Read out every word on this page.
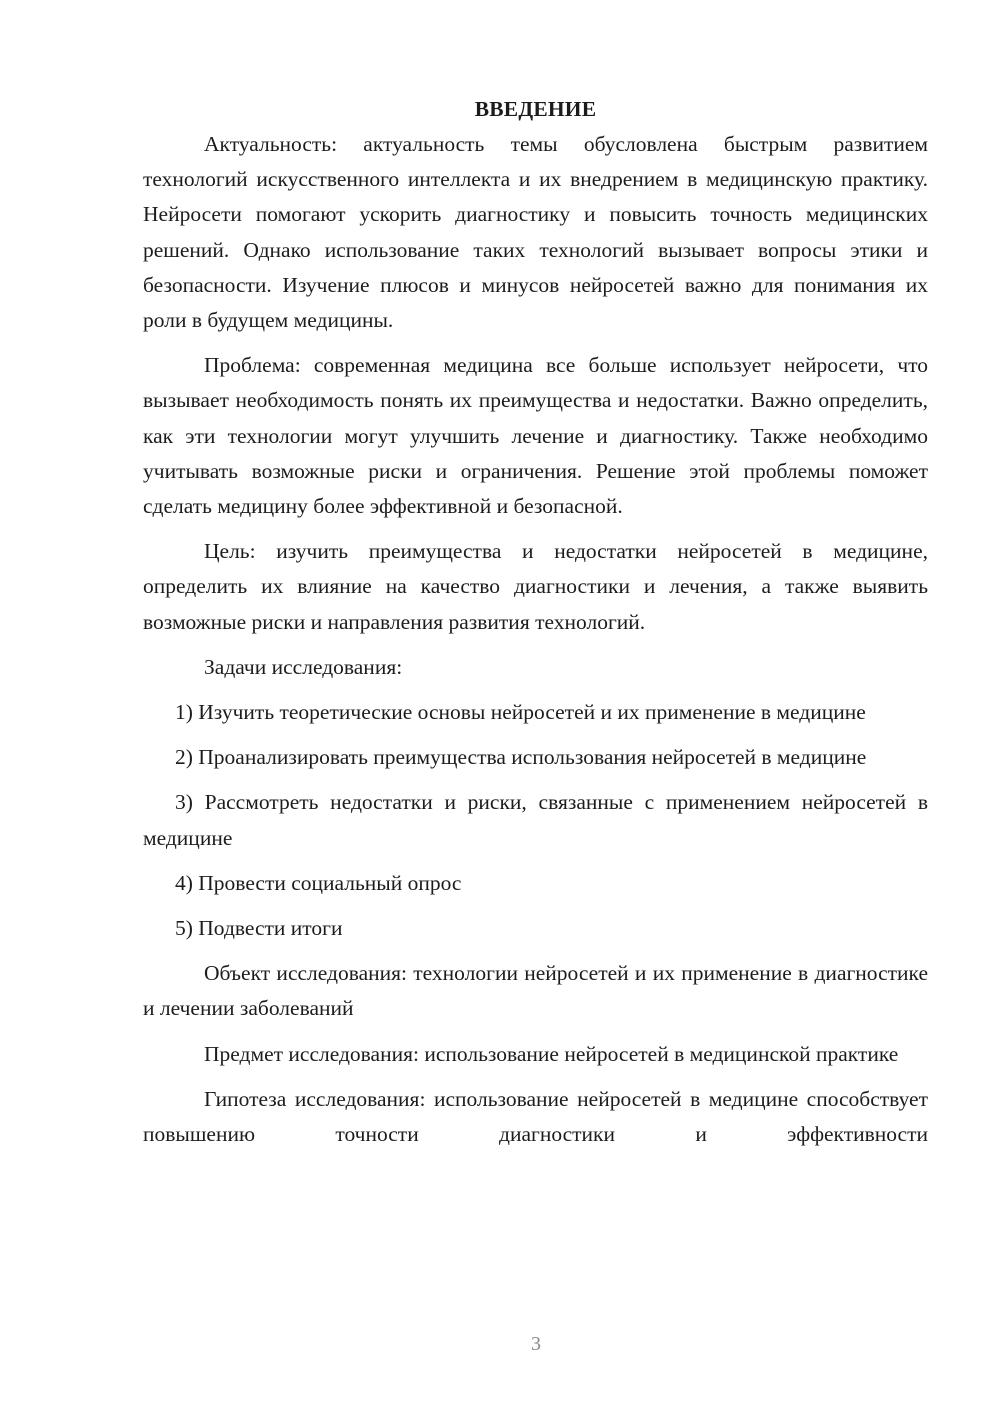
ВВЕДЕНИЕ

Актуальность: актуальность темы обусловлена быстрым развитием технологий искусственного интеллекта и их внедрением в медицинскую практику. Нейросети помогают ускорить диагностику и повысить точность медицинских решений. Однако использование таких технологий вызывает вопросы этики и безопасности. Изучение плюсов и минусов нейросетей важно для понимания их роли в будущем медицины.

Проблема: современная медицина все больше использует нейросети, что вызывает необходимость понять их преимущества и недостатки. Важно определить, как эти технологии могут улучшить лечение и диагностику. Также необходимо учитывать возможные риски и ограничения. Решение этой проблемы поможет сделать медицину более эффективной и безопасной.

Цель: изучить преимущества и недостатки нейросетей в медицине, определить их влияние на качество диагностики и лечения, а также выявить возможные риски и направления развития технологий.

Задачи исследования:

1) Изучить теоретические основы нейросетей и их применение в медицине

2) Проанализировать преимущества использования нейросетей в медицине

3) Рассмотреть недостатки и риски, связанные с применением нейросетей в медицине

4) Провести социальный опрос

5) Подвести итоги

Объект исследования: технологии нейросетей и их применение в диагностике и лечении заболеваний

Предмет исследования: использование нейросетей в медицинской практике

Гипотеза исследования: использование нейросетей в медицине способствует повышению точности диагностики и эффективности

3
